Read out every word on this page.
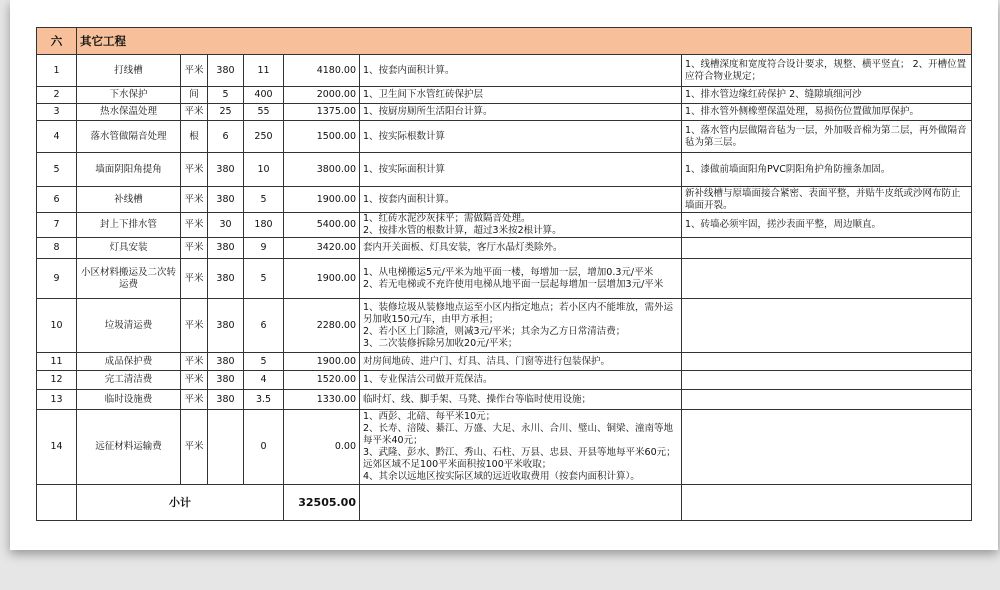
六	其它工程						
1	打线槽	平米	380	11	4180.00	1、按套内面积计算。	1、线槽深度和宽度符合设计要求，规整、横平竖直； 2、开槽位置应符合物业规定；
2	下水保护	间	5	400	2000.00	1、卫生间下水管红砖保护层	1、排水管边缘红砖保护 2、缝隙填细河沙
3	热水保温处理	平米	25	55	1375.00	1、按厨房厕所生活阳台计算。	1、排水管外侧橡塑保温处理，易损伤位置做加厚保护。
4	落水管做隔音处理	根	6	250	1500.00	1、按实际根数计算	1、落水管内层做隔音毡为一层，外加吸音棉为第二层，再外做隔音毡为第三层。
5	墙面阴阳角提角	平米	380	10	3800.00	1、按实际面积计算	1、漆做前墙面阳角PVC阴阳角护角防撞条加固。
6	补线槽	平米	380	5	1900.00	1、按套内面积计算。	新补线槽与原墙面接合紧密、表面平整，并贴牛皮纸或沙网布防止墙面开裂。
7	封上下排水管	平米	30	180	5400.00	1、红砖水泥沙灰抹平；需做隔音处理。
2、按排水管的根数计算，超过3米按2根计算。	1、砖墙必须牢固，搓沙表面平整，周边顺直。
8	灯具安装	平米	380	9	3420.00	套内开关面板、灯具安装，客厅水晶灯类除外。	
9	小区材料搬运及二次转运费	平米	380	5	1900.00	1、从电梯搬运5元/平米为地平面一楼，每增加一层，增加0.3元/平米
2、若无电梯或不充许使用电梯从地平面一层起每增加一层增加3元/平米	
10	垃圾清运费	平米	380	6	2280.00	1、装修垃圾从装修地点运至小区内指定地点；若小区内不能堆放，需外运另加收150元/车，由甲方承担；
2、若小区上门除渣，则减3元/平米；其余为乙方日常清洁费；
3、二次装修拆除另加收20元/平米；	
11	成品保护费	平米	380	5	1900.00	对房间地砖、进户门、灯具、洁具、门窗等进行包装保护。	
12	完工清洁费	平米	380	4	1520.00	1、专业保洁公司做开荒保洁。	
13	临时设施费	平米	380	3.5	1330.00	临时灯、线、脚手架、马凳、操作台等临时使用设施；	
14	远征材料运输费	平米		0	0.00	1、西彭、北碚、每平米10元；
2、长寿、涪陵、綦江、万盛、大足、永川、合川、璧山、铜梁、潼南等地每平米40元；
3、武隆、彭水、黔江、秀山、石柱、万县、忠县、开县等地每平米60元；远郊区域不足100平米面积按100平米收取；
4、其余以远地区按实际区域的远近收取费用（按套内面积计算）。	
	小计				32505.00		
